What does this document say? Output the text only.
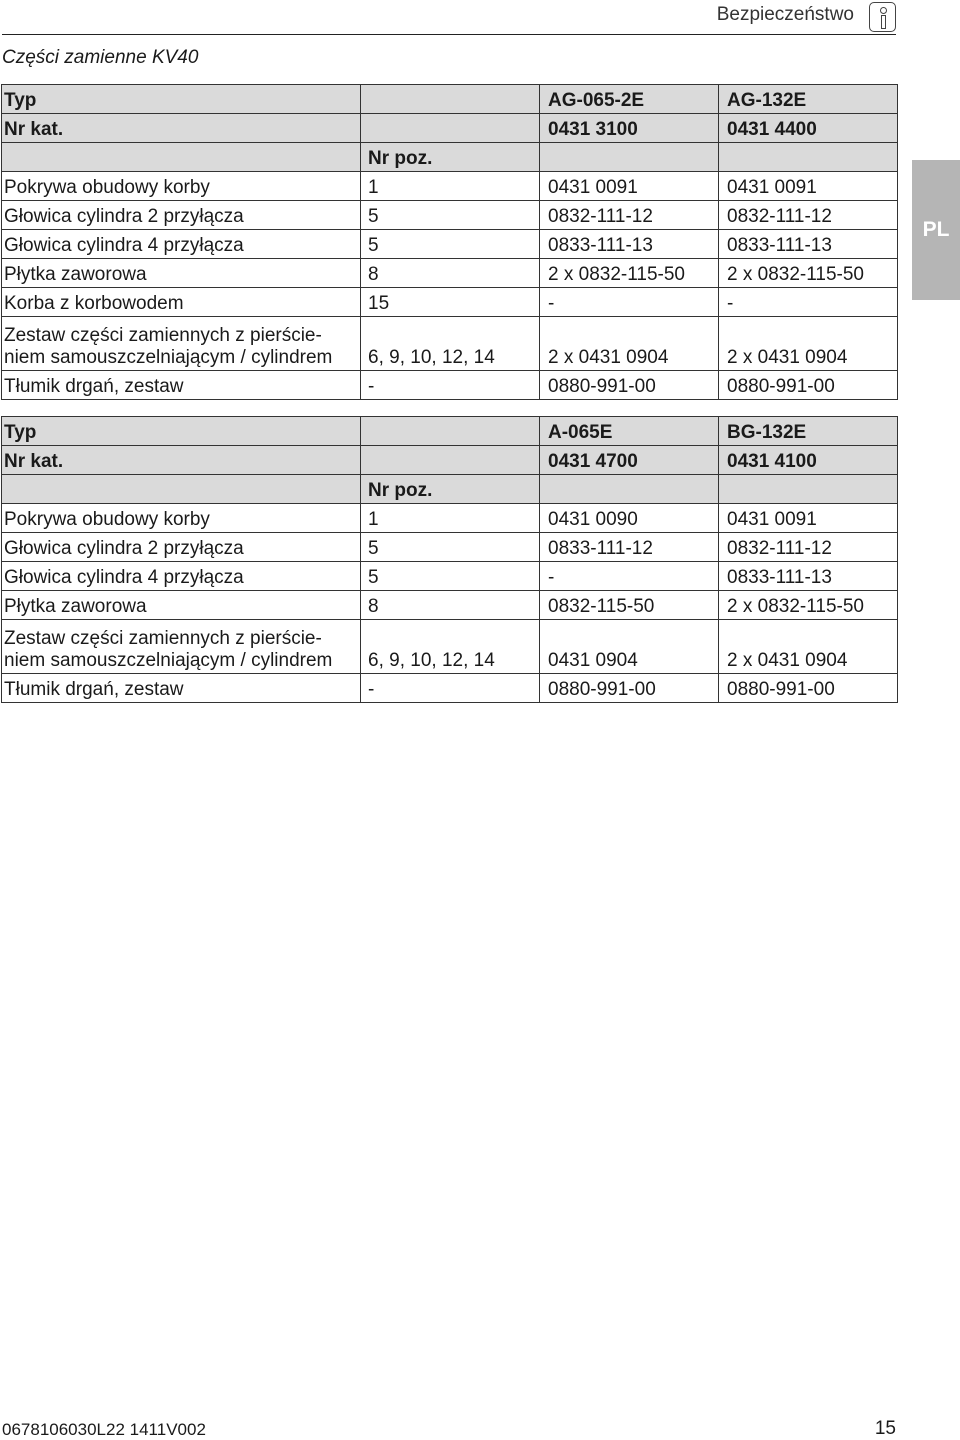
Bezpieczeństwo
Części zamienne KV40
PL
Typ		AG-065-2E	AG-132E
Nr kat.		0431 3100	0431 4400
	Nr poz.		
Pokrywa obudowy korby	1	0431 0091	0431 0091
Głowica cylindra 2 przyłącza	5	0832-111-12	0832-111-12
Głowica cylindra 4 przyłącza	5	0833-111-13	0833-111-13
Płytka zaworowa	8	2 x 0832-115-50	2 x 0832-115-50
Korba z korbowodem	15	-	-
Zestaw części zamiennych z pierście-niem samouszczelniającym / cylindrem	6, 9, 10, 12, 14	2 x 0431 0904	2 x 0431 0904
Tłumik drgań, zestaw	-	0880-991-00	0880-991-00
Typ		A-065E	BG-132E
Nr kat.		0431 4700	0431 4100
	Nr poz.		
Pokrywa obudowy korby	1	0431 0090	0431 0091
Głowica cylindra 2 przyłącza	5	0833-111-12	0832-111-12
Głowica cylindra 4 przyłącza	5	-	0833-111-13
Płytka zaworowa	8	0832-115-50	2 x 0832-115-50
Zestaw części zamiennych z pierście-niem samouszczelniającym / cylindrem	6, 9, 10, 12, 14	0431 0904	2 x 0431 0904
Tłumik drgań, zestaw	-	0880-991-00	0880-991-00
0678106030L22 1411V002	15
